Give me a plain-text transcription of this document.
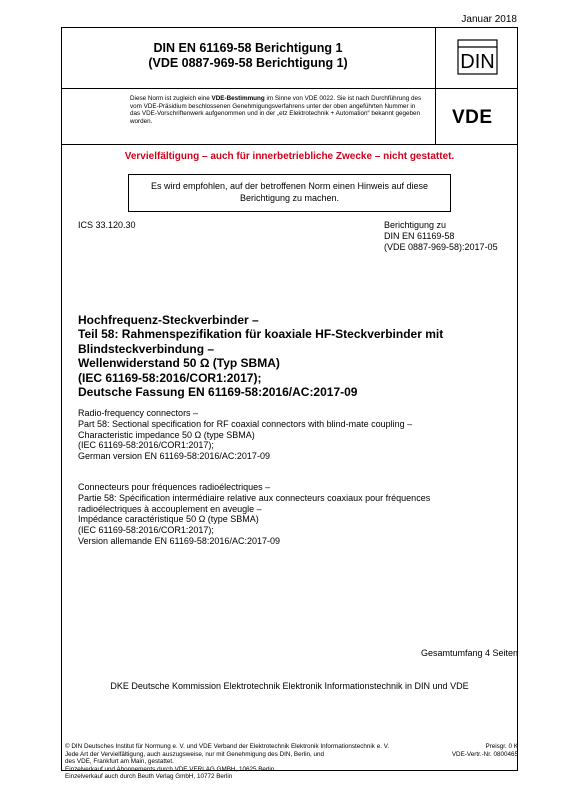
Januar 2018
DIN EN 61169-58 Berichtigung 1
(VDE 0887-969-58 Berichtigung 1)	DIN
Diese Norm ist zugleich eine VDE-Bestimmung im Sinne von VDE 0022. Sie ist nach Durchführung des vom VDE-Präsidium beschlossenen Genehmigungsverfahrens unter der oben angeführten Nummer in das VDE-Vorschriftenwerk aufgenommen und in der „etz Elektrotechnik + Automation“ bekannt gegeben worden.	VDE
Vervielfältigung – auch für innerbetriebliche Zwecke – nicht gestattet.
Es wird empfohlen, auf der betroffenen Norm einen Hinweis auf diese Berichtigung zu machen.
ICS 33.120.30	Berichtigung zu
DIN EN 61169-58
(VDE 0887-969-58):2017-05
Hochfrequenz-Steckverbinder –
Teil 58: Rahmenspezifikation für koaxiale HF-Steckverbinder mit
Blindsteckverbindung –
Wellenwiderstand 50 Ω (Typ SBMA)
(IEC 61169-58:2016/COR1:2017);
Deutsche Fassung EN 61169-58:2016/AC:2017-09
Radio-frequency connectors –
Part 58: Sectional specification for RF coaxial connectors with blind-mate coupling –
Characteristic impedance 50 Ω (type SBMA)
(IEC 61169-58:2016/COR1:2017);
German version EN 61169-58:2016/AC:2017-09
Connecteurs pour fréquences radioélectriques –
Partie 58: Spécification intermédiaire relative aux connecteurs coaxiaux pour fréquences
radioélectriques à accouplement en aveugle –
Impédance caractéristique 50 Ω (type SBMA)
(IEC 61169-58:2016/COR1:2017);
Version allemande EN 61169-58:2016/AC:2017-09
Gesamtumfang 4 Seiten
DKE Deutsche Kommission Elektrotechnik Elektronik Informationstechnik in DIN und VDE
© DIN Deutsches Institut für Normung e. V. und VDE Verband der Elektrotechnik Elektronik Informationstechnik e. V.
Jede Art der Vervielfältigung, auch auszugsweise, nur mit Genehmigung des DIN, Berlin, und
des VDE, Frankfurt am Main, gestattet.
Einzelverkauf und Abonnements durch VDE VERLAG GMBH, 10625 Berlin
Einzelverkauf auch durch Beuth Verlag GmbH, 10772 Berlin
Preisgr. 0 K
VDE-Vertr.-Nr. 0800465
